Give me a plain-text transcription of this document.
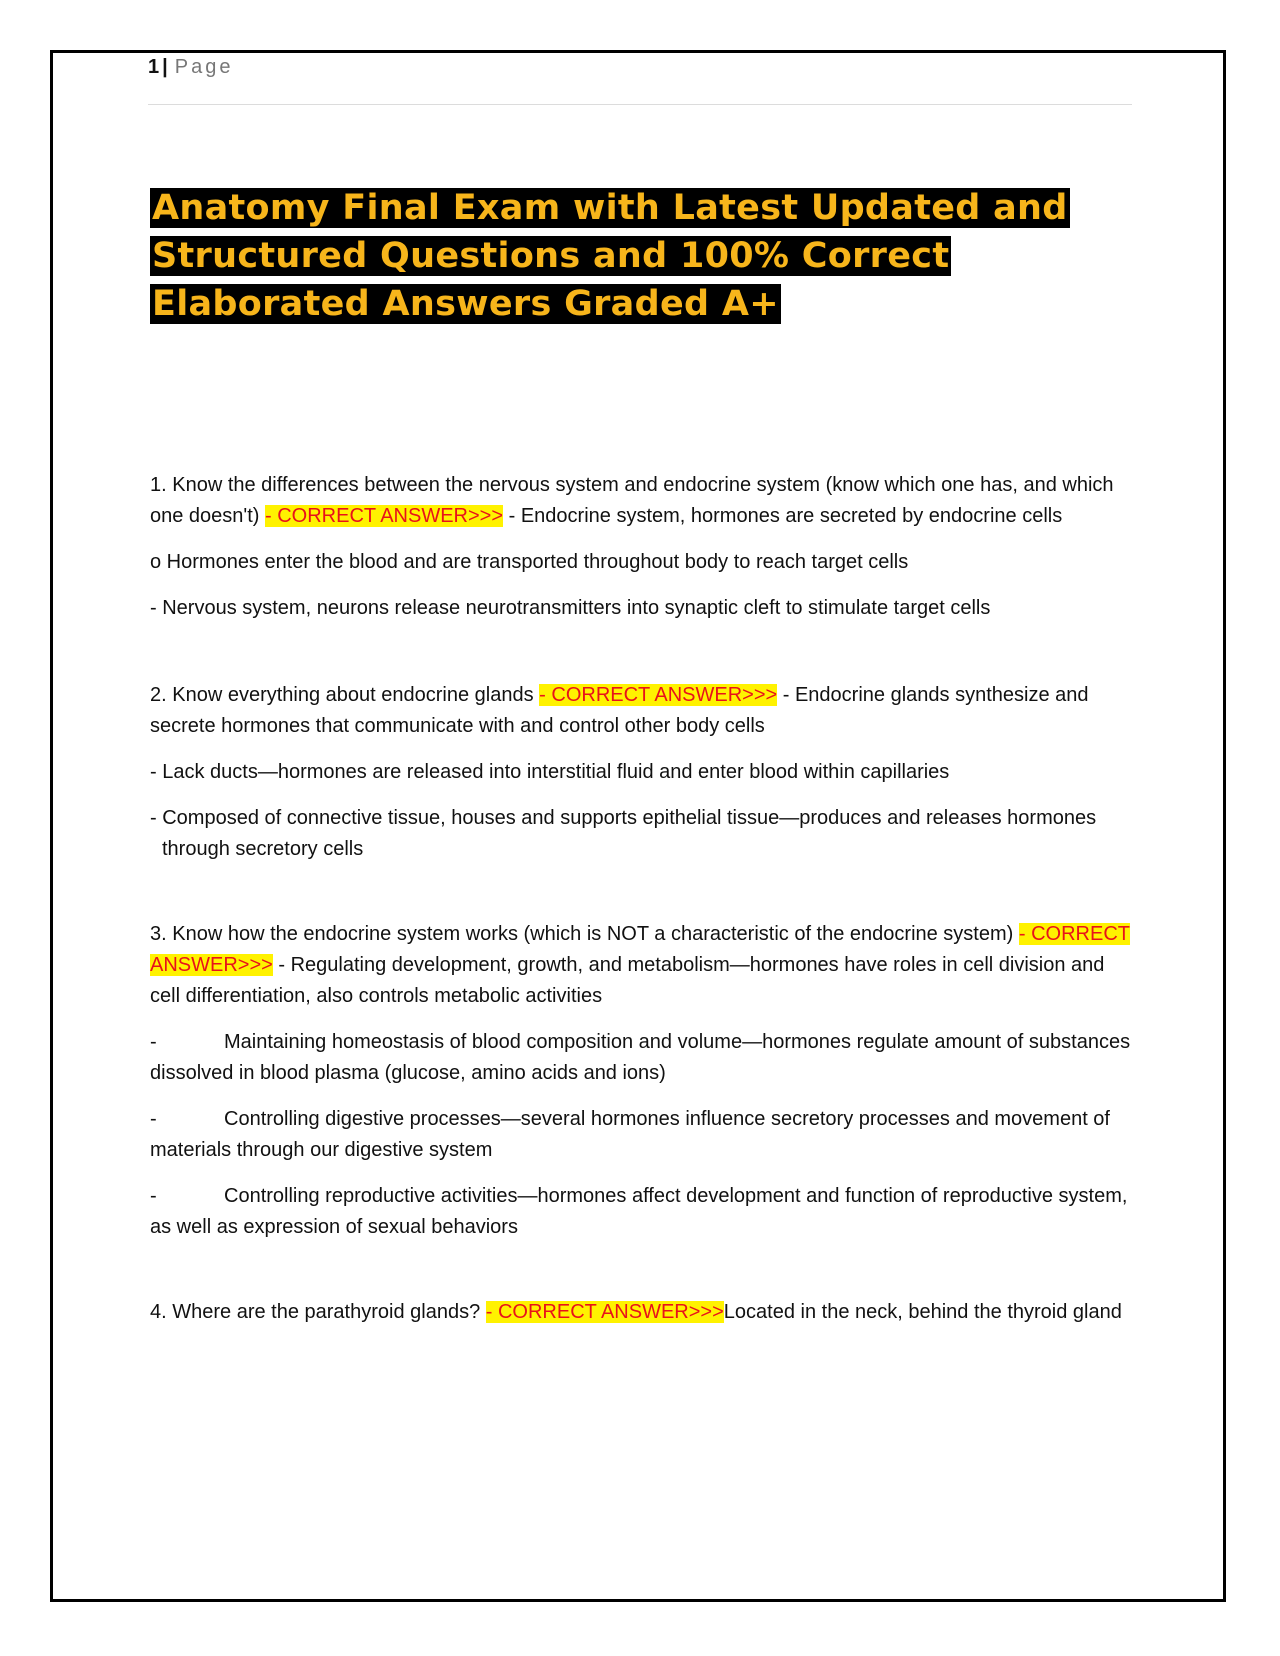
1 | Page
Anatomy Final Exam with Latest Updated and Structured Questions and 100% Correct Elaborated Answers Graded A+

1. Know the differences between the nervous system and endocrine system (know which one has, and which one doesn't) - CORRECT ANSWER>>> - Endocrine system, hormones are secreted by endocrine cells

o Hormones enter the blood and are transported throughout body to reach target cells

- Nervous system, neurons release neurotransmitters into synaptic cleft to stimulate target cells

2. Know everything about endocrine glands - CORRECT ANSWER>>> - Endocrine glands synthesize and secrete hormones that communicate with and control other body cells

- Lack ducts—hormones are released into interstitial fluid and enter blood within capillaries

- Composed of connective tissue, houses and supports epithelial tissue—produces and releases hormones through secretory cells

3. Know how the endocrine system works (which is NOT a characteristic of the endocrine system) - CORRECT ANSWER>>> - Regulating development, growth, and metabolism—hormones have roles in cell division and cell differentiation, also controls metabolic activities

-	Maintaining homeostasis of blood composition and volume—hormones regulate amount of substances dissolved in blood plasma (glucose, amino acids and ions)

-	Controlling digestive processes—several hormones influence secretory processes and movement of materials through our digestive system

-	Controlling reproductive activities—hormones affect development and function of reproductive system, as well as expression of sexual behaviors

4. Where are the parathyroid glands? - CORRECT ANSWER>>>Located in the neck, behind the thyroid gland
